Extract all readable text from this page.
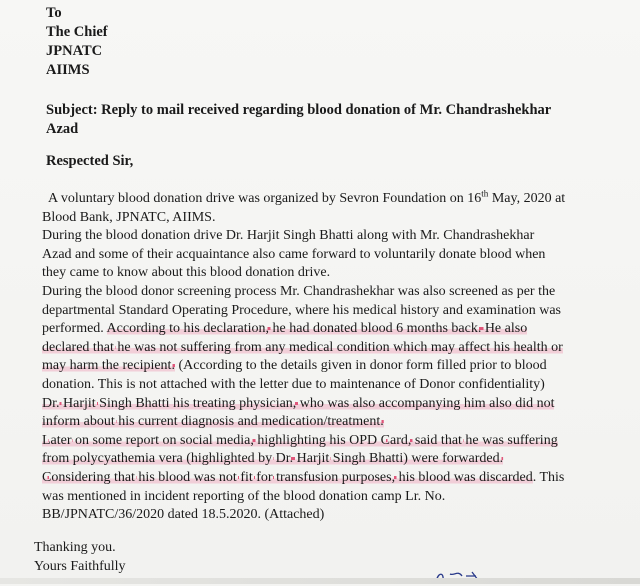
To
The Chief
JPNATC
AIIMS
Subject: Reply to mail received regarding blood donation of Mr. Chandrashekhar Azad
Respected Sir,
A voluntary blood donation drive was organized by Sevron Foundation on 16th May, 2020 at
Blood Bank, JPNATC, AIIMS.
During the blood donation drive Dr. Harjit Singh Bhatti along with Mr. Chandrashekhar
Azad and some of their acquaintance also came forward to voluntarily donate blood when
they came to know about this blood donation drive.
During the blood donor screening process Mr. Chandrashekhar was also screened as per the
departmental Standard Operating Procedure, where his medical history and examination was
performed. According to his declaration, he had donated blood 6 months back. He also
declared that he was not suffering from any medical condition which may affect his health or
may harm the recipient. (According to the details given in donor form filled prior to blood
donation. This is not attached with the letter due to maintenance of Donor confidentiality)
Dr. Harjit Singh Bhatti his treating physician, who was also accompanying him also did not
inform about his current diagnosis and medication/treatment.
Later on some report on social media, highlighting his OPD Card, said that he was suffering
from polycyathemia vera (highlighted by Dr. Harjit Singh Bhatti) were forwarded.
Considering that his blood was not fit for transfusion purposes, his blood was discarded. This
was mentioned in incident reporting of the blood donation camp Lr. No.
BB/JPNATC/36/2020 dated 18.5.2020. (Attached)
Thanking you.
Yours Faithfully
